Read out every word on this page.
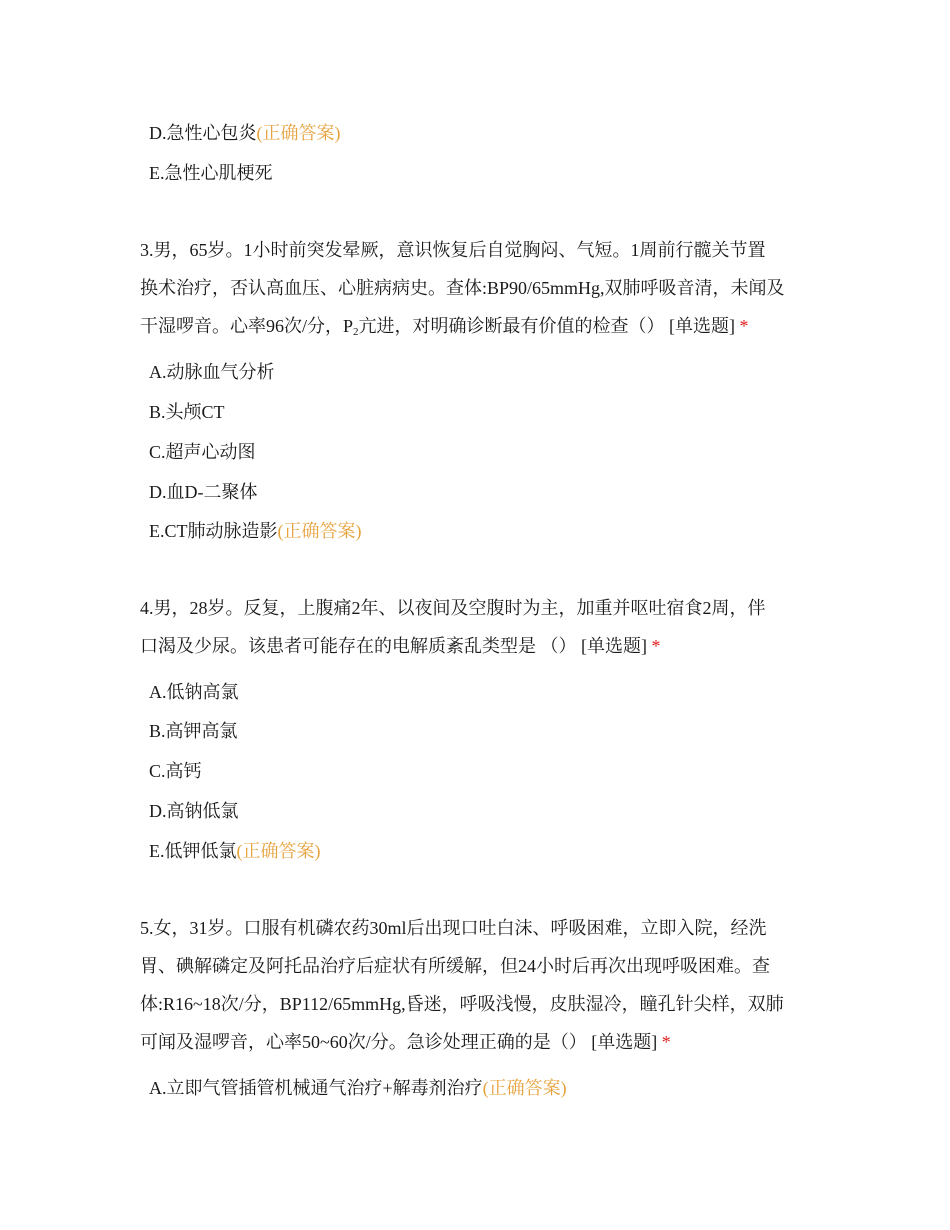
D.急性心包炎(正确答案)
E.急性心肌梗死
3.男，65岁。1小时前突发晕厥，意识恢复后自觉胸闷、气短。1周前行髋关节置
换术治疗，否认高血压、心脏病病史。查体:BP90/65mmHg,双肺呼吸音清，未闻及
干湿啰音。心率96次/分，$P_2$亢进，对明确诊断最有价值的检查（） [单选题] *
A.动脉血气分析
B.头颅CT
C.超声心动图
D.血D-二聚体
E.CT肺动脉造影(正确答案)
4.男，28岁。反复，上腹痛2年、以夜间及空腹时为主，加重并呕吐宿食2周，伴
口渴及少尿。该患者可能存在的电解质紊乱类型是 （） [单选题] *
A.低钠高氯
B.高钾高氯
C.高钙
D.高钠低氯
E.低钾低氯(正确答案)
5.女，31岁。口服有机磷农药30ml后出现口吐白沫、呼吸困难，立即入院，经洗
胃、碘解磷定及阿托品治疗后症状有所缓解，但24小时后再次出现呼吸困难。查
体:R16~18次/分，BP112/65mmHg,昏迷，呼吸浅慢，皮肤湿冷，瞳孔针尖样，双肺
可闻及湿啰音，心率50~60次/分。急诊处理正确的是（） [单选题] *
A.立即气管插管机械通气治疗+解毒剂治疗(正确答案)
